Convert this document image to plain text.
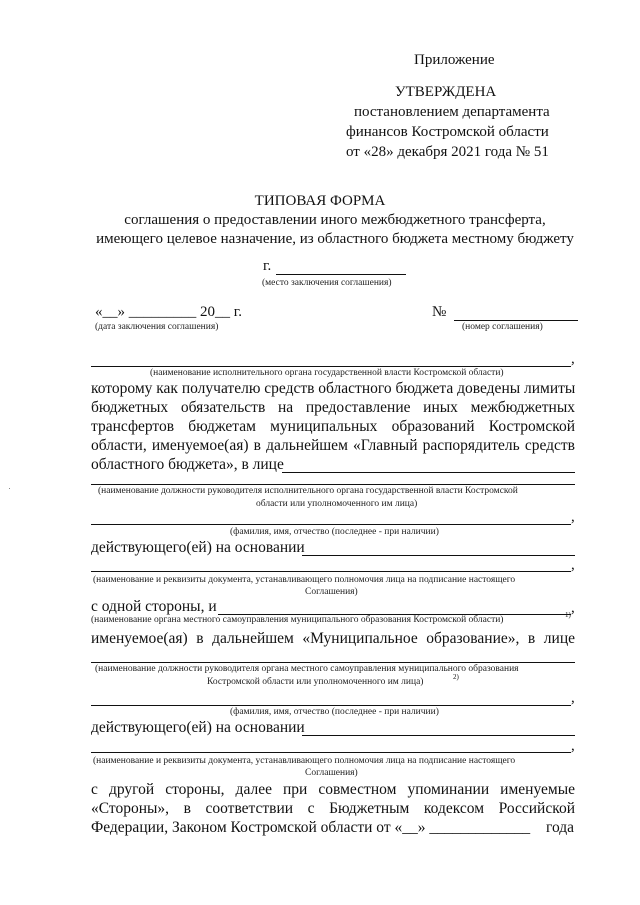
Приложение
УТВЕРЖДЕНА
постановлением департамента
финансов Костромской области
от «28» декабря 2021 года № 51
ТИПОВАЯ ФОРМА
соглашения о предоставлении иного межбюджетного трансферта,
имеющего целевое назначение, из областного бюджета местному бюджету
г.
(место заключения соглашения)
«__» _________ 20__ г.
(дата заключения соглашения)
№
(номер соглашения)
,
(наименование исполнительного органа государственной власти Костромской области)
которому как получателю средств областного бюджета доведены лимиты
бюджетных обязательств на предоставление иных межбюджетных
трансфертов бюджетам муниципальных образований Костромской
области, именуемое(ая) в дальнейшем «Главный распорядитель средств
областного бюджета», в лице
(наименование должности руководителя исполнительного органа государственной власти Костромской
области или уполномоченного им лица)
,
(фамилия, имя, отчество (последнее - при наличии)
действующего(ей) на основании
,
(наименование и реквизиты документа, устанавливающего полномочия лица на подписание настоящего
Соглашения)
с одной стороны, и	,
(наименование органа местного самоуправления муниципального образования Костромской области)	1)
именуемое(ая) в дальнейшем «Муниципальное образование», в лице
(наименование должности руководителя органа местного самоуправления муниципального образования
Костромской области или уполномоченного им лица)	2)
,
(фамилия, имя, отчество (последнее - при наличии)
действующего(ей) на основании
,
(наименование и реквизиты документа, устанавливающего полномочия лица на подписание настоящего
Соглашения)
с другой стороны, далее при совместном упоминании именуемые
«Стороны», в соответствии с Бюджетным кодексом Российской
Федерации, Законом Костромской области от «__» _____________ года
